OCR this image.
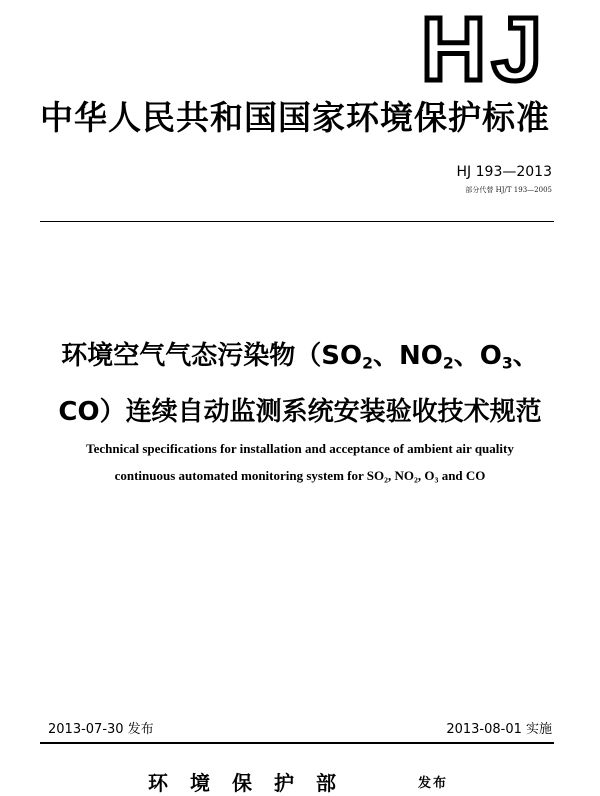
HJ
中华人民共和国国家环境保护标准
HJ 193—2013
部分代替 HJ/T 193—2005
环境空气气态污染物（$SO_2$、$NO_2$、$O_3$、
CO）连续自动监测系统安装验收技术规范
Technical specifications for installation and acceptance of ambient air quality
continuous automated monitoring system for $SO_2$, $NO_2$, $O_3$ and CO
2013-07-30 发布	2013-08-01 实施
环境保护部	发布
